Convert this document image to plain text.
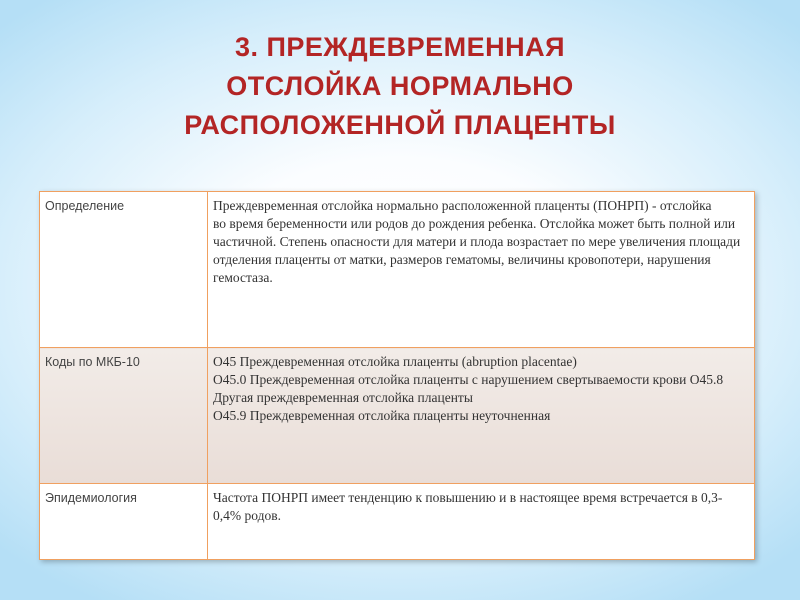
3. ПРЕЖДЕВРЕМЕННАЯ
ОТСЛОЙКА НОРМАЛЬНО
РАСПОЛОЖЕННОЙ ПЛАЦЕНТЫ
Определение	Преждевременная отслойка нормально расположенной плаценты (ПОНРП) - отслойка
во время беременности или родов до рождения ребенка. Отслойка может быть полной или частичной. Степень опасности для матери и плода возрастает по мере увеличения площади отделения плаценты от матки, размеров гематомы, величины кровопотери, нарушения гемостаза.

Коды по МКБ-10	O45 Преждевременная отслойка плаценты (abruption placentae)
O45.0 Преждевременная отслойка плаценты с нарушением свертываемости крови O45.8 Другая преждевременная отслойка плаценты
O45.9 Преждевременная отслойка плаценты неуточненная

Эпидемиология	Частота ПОНРП имеет тенденцию к повышению и в настоящее время встречается в 0,3-0,4% родов.
